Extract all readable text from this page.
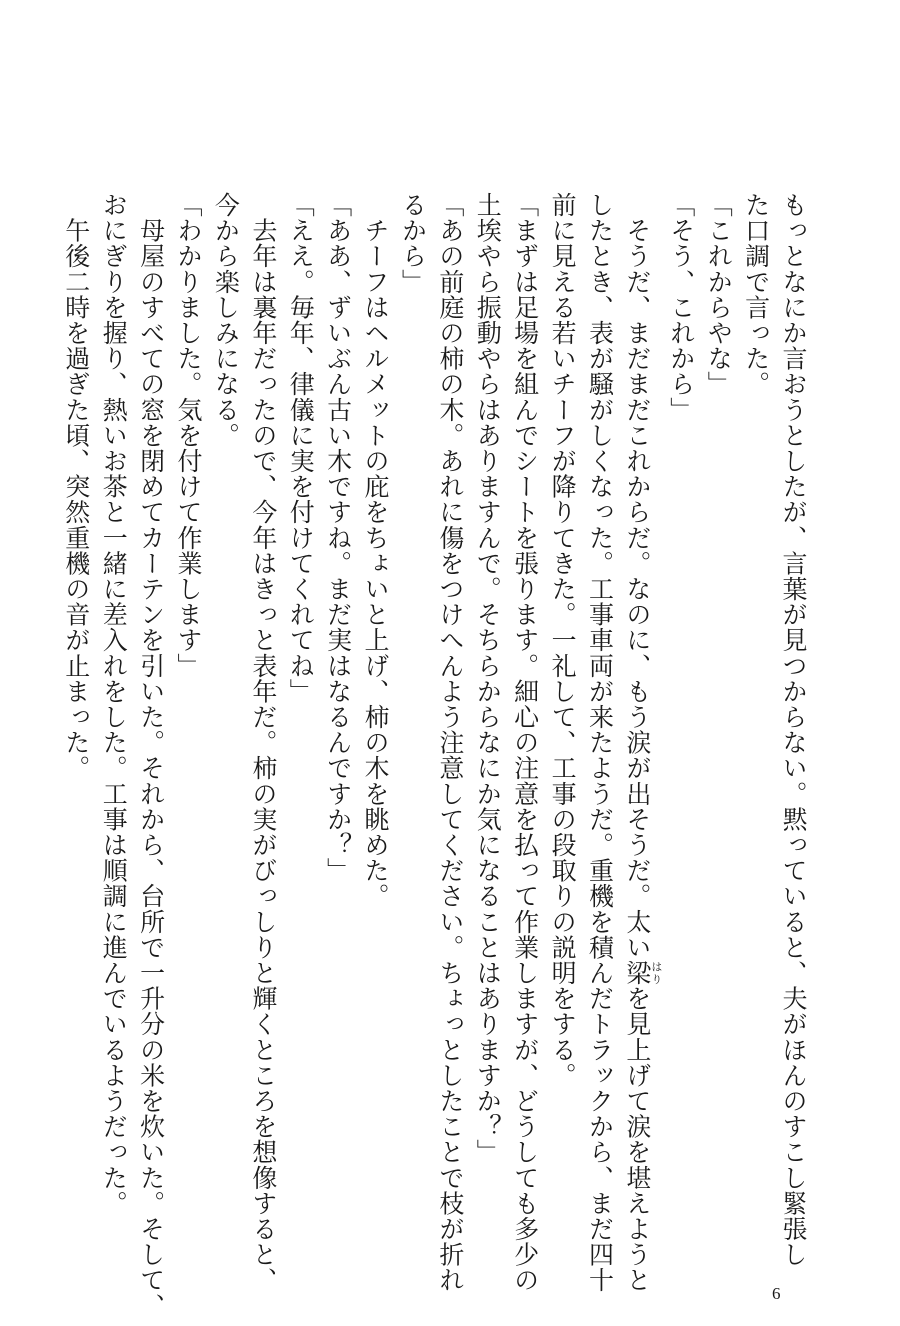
もっとなにか言おうとしたが、言葉が見つからない。黙っていると、夫がほんのすこし緊張し

た口調で言った。

「これからやな」

「そう、これから」

　そうだ、まだまだこれからだ。なのに、もう涙が出そうだ。太い梁はりを見上げて涙を堪えようと

したとき、表が騒がしくなった。工事車両が来たようだ。重機を積んだトラックから、まだ四十

前に見える若いチーフが降りてきた。一礼して、工事の段取りの説明をする。

「まずは足場を組んでシートを張ります。細心の注意を払って作業しますが、どうしても多少の

土埃やら振動やらはありますんで。そちらからなにか気になることはありますか？」

「あの前庭の柿の木。あれに傷をつけへんよう注意してください。ちょっとしたことで枝が折れ

るから」

　チーフはヘルメットの庇をちょいと上げ、柿の木を眺めた。

「ああ、ずいぶん古い木ですね。まだ実はなるんですか？」

「ええ。毎年、律儀に実を付けてくれてね」

　去年は裏年だったので、今年はきっと表年だ。柿の実がびっしりと輝くところを想像すると、

今から楽しみになる。

「わかりました。気を付けて作業します」

　母屋のすべての窓を閉めてカーテンを引いた。それから、台所で一升分の米を炊いた。そして、

おにぎりを握り、熱いお茶と一緒に差入れをした。工事は順調に進んでいるようだった。

　午後二時を過ぎた頃、突然重機の音が止まった。

6
